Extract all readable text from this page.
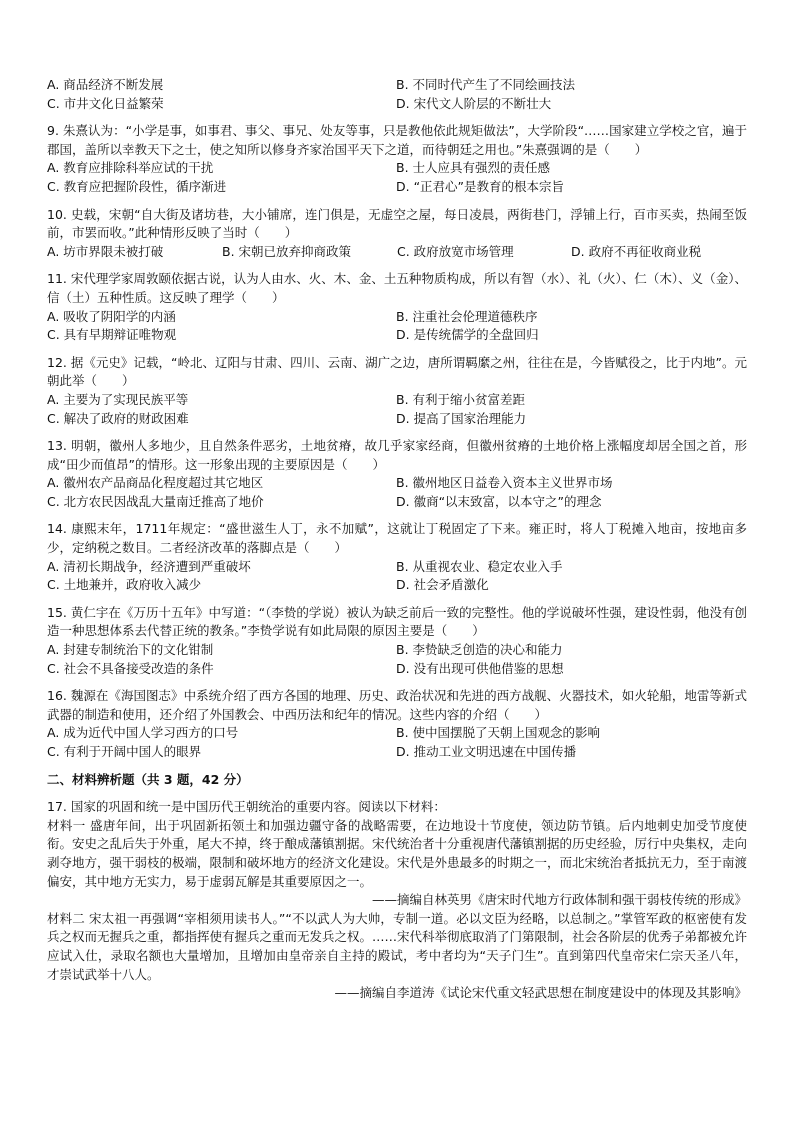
A. 商品经济不断发展	B. 不同时代产生了不同绘画技法
C. 市井文化日益繁荣	D. 宋代文人阶层的不断壮大
9. 朱熹认为：“小学是事，如事君、事父、事兄、处友等事，只是教他依此规矩做法”，大学阶段“……国家建立学校之官，遍于郡国，盖所以幸教天下之士，使之知所以修身齐家治国平天下之道，而待朝廷之用也。”朱熹强调的是（　　）
A. 教育应排除科举应试的干扰	B. 士人应具有强烈的责任感
C. 教育应把握阶段性，循序渐进	D. “正君心”是教育的根本宗旨
10. 史载，宋朝“自大街及诸坊巷，大小铺席，连门俱是，无虚空之屋，每日凌晨，两街巷门，浮铺上行，百市买卖，热闹至饭前，市罢而收。”此种情形反映了当时（　　）
A. 坊市界限未被打破	B. 宋朝已放弃抑商政策	C. 政府放宽市场管理	D. 政府不再征收商业税
11. 宋代理学家周敦颐依据古说，认为人由水、火、木、金、土五种物质构成，所以有智（水）、礼（火）、仁（木）、义（金）、信（土）五种性质。这反映了理学（　　）
A. 吸收了阴阳学的内涵	B. 注重社会伦理道德秩序
C. 具有早期辩证唯物观	D. 是传统儒学的全盘回归
12. 据《元史》记载，“岭北、辽阳与甘肃、四川、云南、湖广之边，唐所谓羁縻之州，往往在是，今皆赋役之，比于内地”。元朝此举（　　）
A. 主要为了实现民族平等	B. 有利于缩小贫富差距
C. 解决了政府的财政困难	D. 提高了国家治理能力
13. 明朝，徽州人多地少，且自然条件恶劣，土地贫瘠，故几乎家家经商，但徽州贫瘠的土地价格上涨幅度却居全国之首，形成“田少而值昂”的情形。这一形象出现的主要原因是（　　）
A. 徽州农产品商品化程度超过其它地区	B. 徽州地区日益卷入资本主义世界市场
C. 北方农民因战乱大量南迁推高了地价	D. 徽商“以末致富，以本守之”的理念
14. 康熙末年，1711年规定：“盛世滋生人丁，永不加赋”，这就让丁税固定了下来。雍正时，将人丁税摊入地亩，按地亩多少，定纳税之数目。二者经济改革的落脚点是（　　）
A. 清初长期战争，经济遭到严重破坏	B. 从重视农业、稳定农业入手
C. 土地兼并，政府收入减少	D. 社会矛盾激化
15. 黄仁宇在《万历十五年》中写道：“（李贽的学说）被认为缺乏前后一致的完整性。他的学说破坏性强，建设性弱，他没有创造一种思想体系去代替正统的教条。”李贽学说有如此局限的原因主要是（　　）
A. 封建专制统治下的文化钳制	B. 李贽缺乏创造的决心和能力
C. 社会不具备接受改造的条件	D. 没有出现可供他借鉴的思想
16. 魏源在《海国图志》中系统介绍了西方各国的地理、历史、政治状况和先进的西方战舰、火器技术，如火轮船，地雷等新式武器的制造和使用，还介绍了外国教会、中西历法和纪年的情况。这些内容的介绍（　　）
A. 成为近代中国人学习西方的口号	B. 使中国摆脱了天朝上国观念的影响
C. 有利于开阔中国人的眼界	D. 推动工业文明迅速在中国传播
二、材料辨析题（共 3 题，42 分）
17. 国家的巩固和统一是中国历代王朝统治的重要内容。阅读以下材料：
材料一 盛唐年间，出于巩固新拓领土和加强边疆守备的战略需要，在边地设十节度使，领边防节镇。后内地刺史加受节度使衔。安史之乱后失于外重，尾大不掉，终于酿成藩镇割据。宋代统治者十分重视唐代藩镇割据的历史经验，厉行中央集权，走向剥夺地方，强干弱枝的极端，限制和破坏地方的经济文化建设。宋代是外患最多的时期之一，而北宋统治者抵抗无力，至于南渡偏安，其中地方无实力，易于虚弱瓦解是其重要原因之一。
——摘编自林英男《唐宋时代地方行政体制和强干弱枝传统的形成》
材料二 宋太祖一再强调“宰相须用读书人。”“不以武人为大帅，专制一道。必以文臣为经略，以总制之。”掌管军政的枢密使有发兵之权而无握兵之重，都指挥使有握兵之重而无发兵之权。……宋代科举彻底取消了门第限制，社会各阶层的优秀子弟都被允许应试入仕，录取名额也大量增加，且增加由皇帝亲自主持的殿试，考中者均为“天子门生”。直到第四代皇帝宋仁宗天圣八年，才崇试武举十八人。
——摘编自李道涛《试论宋代重文轻武思想在制度建设中的体现及其影响》
